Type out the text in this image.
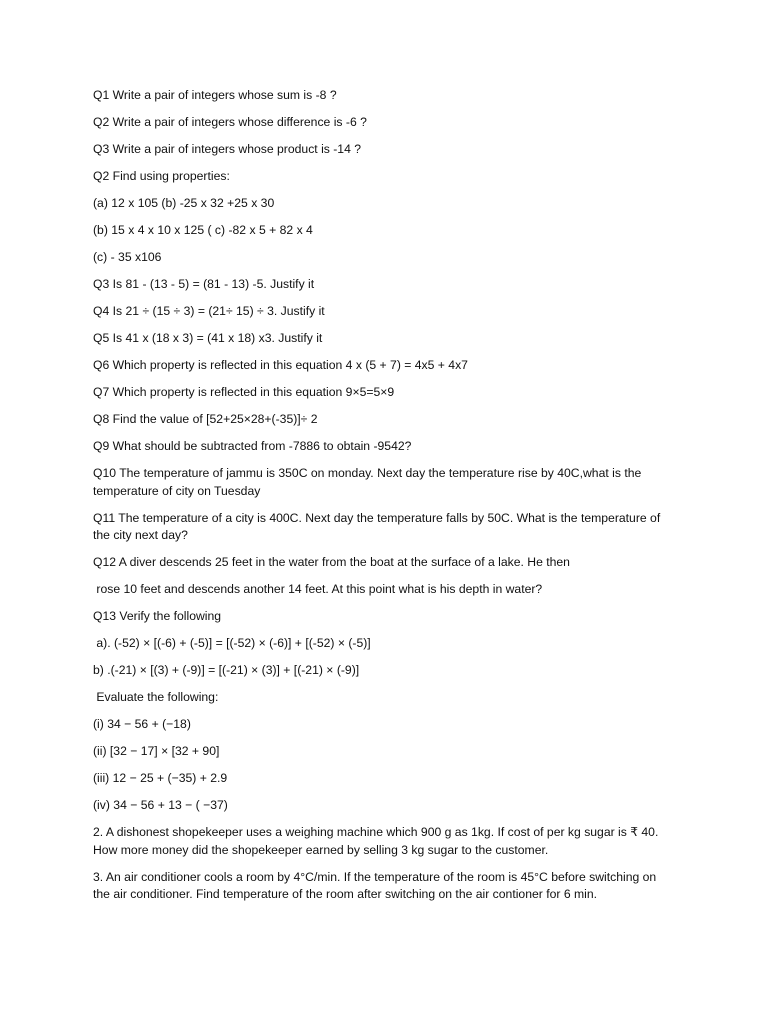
Q1 Write a pair of integers whose sum is -8 ?

Q2 Write a pair of integers whose difference is -6 ?

Q3 Write a pair of integers whose product is -14 ?

Q2 Find using properties:

(a) 12 x 105 (b) -25 x 32 +25 x 30

(b) 15 x 4 x 10 x 125 ( c) -82 x 5 + 82 x 4

(c) - 35 x106

Q3 Is 81 - (13 - 5) = (81 - 13) -5. Justify it

Q4 Is 21 ÷ (15 ÷ 3) = (21÷ 15) ÷ 3. Justify it

Q5 Is 41 x (18 x 3) = (41 x 18) x3. Justify it

Q6 Which property is reflected in this equation 4 x (5 + 7) = 4x5 + 4x7

Q7 Which property is reflected in this equation 9×5=5×9

Q8 Find the value of [52+25×28+(-35)]÷ 2

Q9 What should be subtracted from -7886 to obtain -9542?

Q10 The temperature of jammu is 350C on monday. Next day the temperature rise by 40C,what is the temperature of city on Tuesday

Q11 The temperature of a city is 400C. Next day the temperature falls by 50C. What is the temperature of the city next day?

Q12 A diver descends 25 feet in the water from the boat at the surface of a lake. He then

rose 10 feet and descends another 14 feet. At this point what is his depth in water?

Q13 Verify the following

a). (-52) × [(-6) + (-5)] = [(-52) × (-6)] + [(-52) × (-5)]

b) .(-21) × [(3) + (-9)] = [(-21) × (3)] + [(-21) × (-9)]

Evaluate the following:

(i) 34 − 56 + (−18)

(ii) [32 − 17] × [32 + 90]

(iii) 12 − 25 + (−35) + 2.9

(iv) 34 − 56 + 13 − ( −37)

2. A dishonest shopekeeper uses a weighing machine which 900 g as 1kg. If cost of per kg sugar is ₹ 40. How more money did the shopekeeper earned by selling 3 kg sugar to the customer.

3. An air conditioner cools a room by 4°C/min. If the temperature of the room is 45°C before switching on the air conditioner. Find temperature of the room after switching on the air contioner for 6 min.
